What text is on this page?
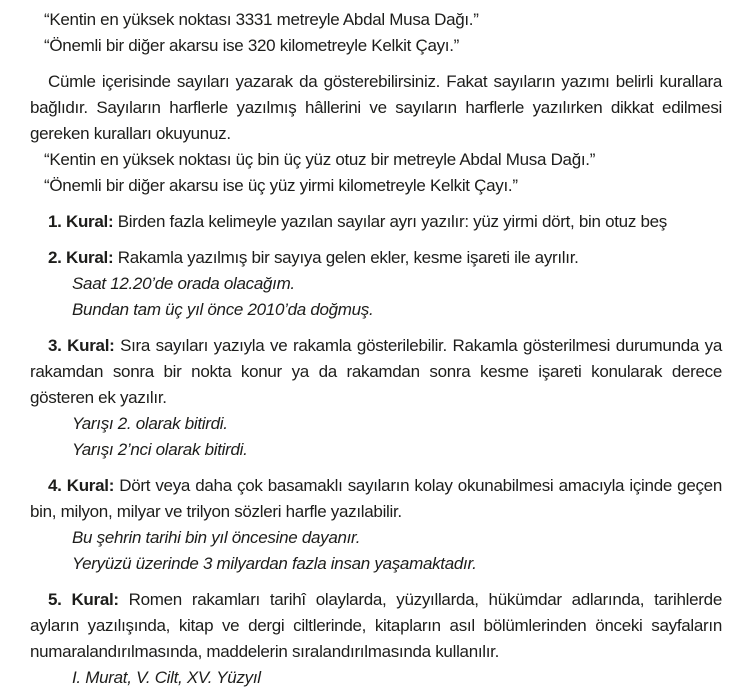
“Kentin en yüksek noktası 3331 metreyle Abdal Musa Dağı.”

“Önemli bir diğer akarsu ise 320 kilometreyle Kelkit Çayı.”

Cümle içerisinde sayıları yazarak da gösterebilirsiniz. Fakat sayıların yazımı belirli kurallara bağlıdır. Sayıların harflerle yazılmış hâllerini ve sayıların harflerle yazılırken dikkat edilmesi gereken kuralları okuyunuz.

“Kentin en yüksek noktası üç bin üç yüz otuz bir metreyle Abdal Musa Dağı.”

“Önemli bir diğer akarsu ise üç yüz yirmi kilometreyle Kelkit Çayı.”

1. Kural: Birden fazla kelimeyle yazılan sayılar ayrı yazılır: yüz yirmi dört, bin otuz beş

2. Kural: Rakamla yazılmış bir sayıya gelen ekler, kesme işareti ile ayrılır.

Saat 12.20’de orada olacağım.

Bundan tam üç yıl önce 2010’da doğmuş.

3. Kural: Sıra sayıları yazıyla ve rakamla gösterilebilir. Rakamla gösterilmesi durumunda ya rakamdan sonra bir nokta konur ya da rakamdan sonra kesme işareti konularak derece gösteren ek yazılır.

Yarışı 2. olarak bitirdi.

Yarışı 2’nci olarak bitirdi.

4. Kural: Dört veya daha çok basamaklı sayıların kolay okunabilmesi amacıyla içinde geçen bin, milyon, milyar ve trilyon sözleri harfle yazılabilir.

Bu şehrin tarihi bin yıl öncesine dayanır.

Yeryüzü üzerinde 3 milyardan fazla insan yaşamaktadır.

5. Kural: Romen rakamları tarihî olaylarda, yüzyıllarda, hükümdar adlarında, tarihlerde ayların yazılışında, kitap ve dergi ciltlerinde, kitapların asıl bölümlerinden önceki sayfaların numaralandırılmasında, maddelerin sıralandırılmasında kullanılır.

I. Murat, V. Cilt, XV. Yüzyıl
